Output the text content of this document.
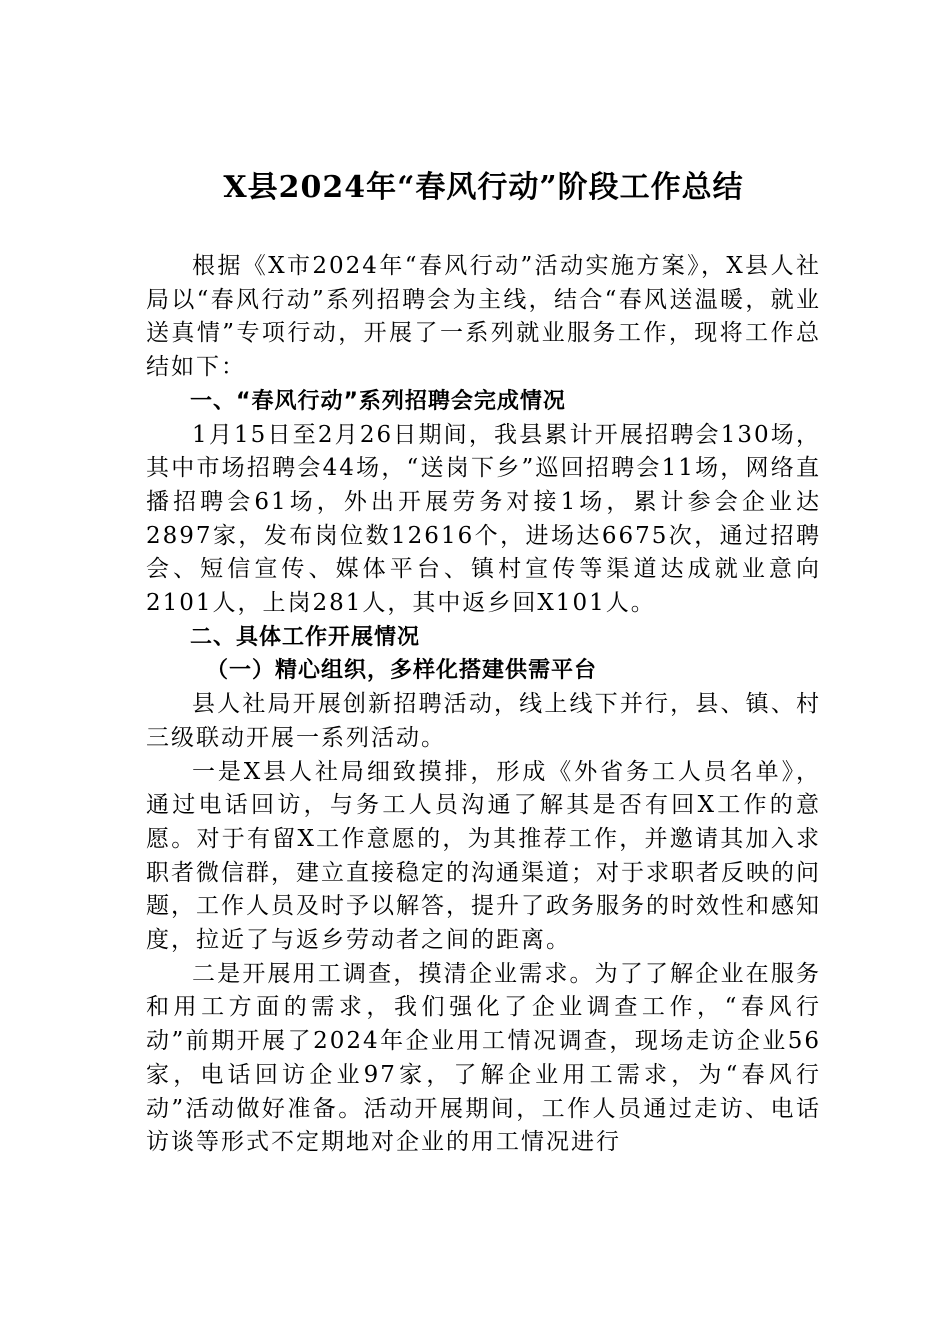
X县2024年“春风行动”阶段工作总结

根据《X市2024年“春风行动”活动实施方案》，X县人社局以“春风行动”系列招聘会为主线，结合“春风送温暖，就业送真情”专项行动，开展了一系列就业服务工作，现将工作总结如下：

一、“春风行动”系列招聘会完成情况

1月15日至2月26日期间，我县累计开展招聘会130场，其中市场招聘会44场，“送岗下乡”巡回招聘会11场，网络直播招聘会61场，外出开展劳务对接1场，累计参会企业达2897家，发布岗位数12616个，进场达6675次，通过招聘会、短信宣传、媒体平台、镇村宣传等渠道达成就业意向2101人，上岗281人，其中返乡回X101人。

二、具体工作开展情况

（一）精心组织，多样化搭建供需平台

县人社局开展创新招聘活动，线上线下并行，县、镇、村三级联动开展一系列活动。

一是X县人社局细致摸排，形成《外省务工人员名单》，通过电话回访，与务工人员沟通了解其是否有回X工作的意愿。对于有留X工作意愿的，为其推荐工作，并邀请其加入求职者微信群，建立直接稳定的沟通渠道；对于求职者反映的问题，工作人员及时予以解答，提升了政务服务的时效性和感知度，拉近了与返乡劳动者之间的距离。

二是开展用工调查，摸清企业需求。为了了解企业在服务和用工方面的需求，我们强化了企业调查工作，“春风行动”前期开展了2024年企业用工情况调查，现场走访企业56家，电话回访企业97家，了解企业用工需求，为“春风行动”活动做好准备。活动开展期间，工作人员通过走访、电话访谈等形式不定期地对企业的用工情况进行
